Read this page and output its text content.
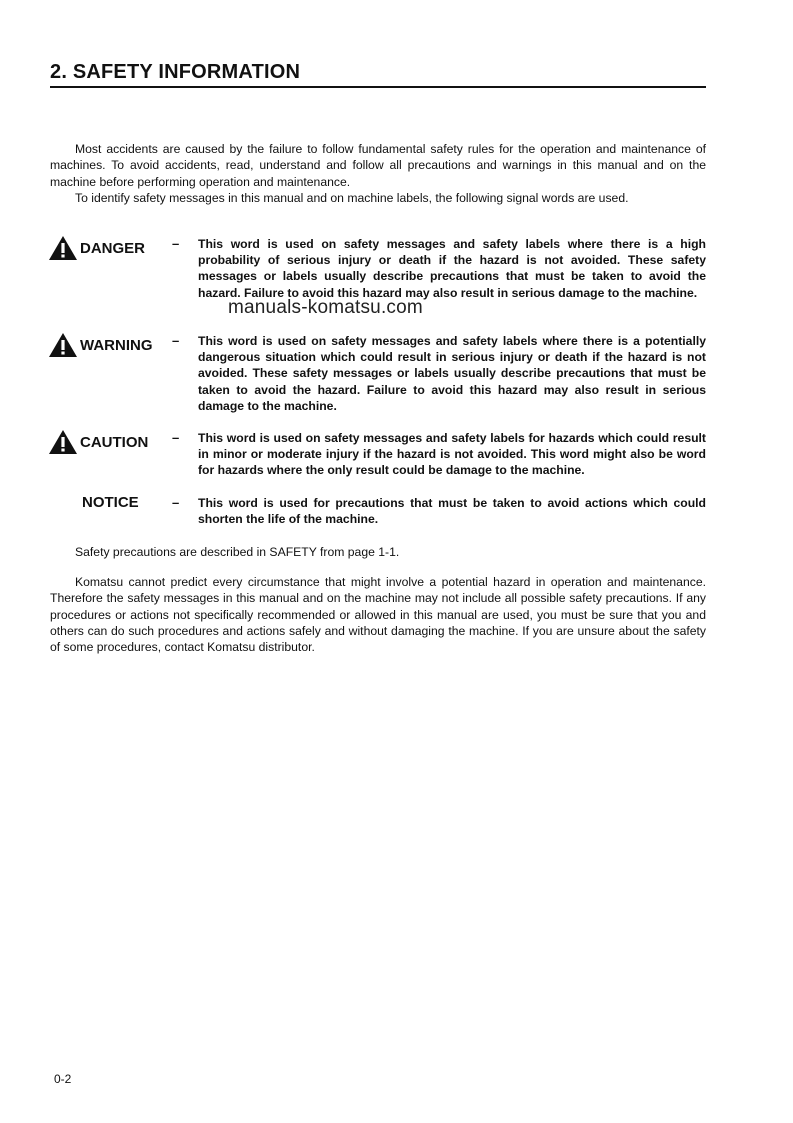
2. SAFETY INFORMATION

Most accidents are caused by the failure to follow fundamental safety rules for the operation and maintenance of machines. To avoid accidents, read, understand and follow all precautions and warnings in this manual and on the machine before performing operation and maintenance.

To identify safety messages in this manual and on machine labels, the following signal words are used.

DANGER – This word is used on safety messages and safety labels where there is a high probability of serious injury or death if the hazard is not avoided. These safety messages or labels usually describe precautions that must be taken to avoid the hazard. Failure to avoid this hazard may also result in serious damage to the machine.
WARNING – This word is used on safety messages and safety labels where there is a potentially dangerous situation which could result in serious injury or death if the hazard is not avoided. These safety messages or labels usually describe precautions that must be taken to avoid the hazard. Failure to avoid this hazard may also result in serious damage to the machine.
CAUTION – This word is used on safety messages and safety labels for hazards which could result in minor or moderate injury if the hazard is not avoided. This word might also be word for hazards where the only result could be damage to the machine.
NOTICE	– This word is used for precautions that must be taken to avoid actions which could shorten the life of the machine.

Safety precautions are described in SAFETY from page 1-1.

Komatsu cannot predict every circumstance that might involve a potential hazard in operation and maintenance. Therefore the safety messages in this manual and on the machine may not include all possible safety precautions. If any procedures or actions not specifically recommended or allowed in this manual are used, you must be sure that you and others can do such procedures and actions safely and without damaging the machine. If you are unsure about the safety of some procedures, contact Komatsu distributor.

manuals-komatsu.com
0-2
